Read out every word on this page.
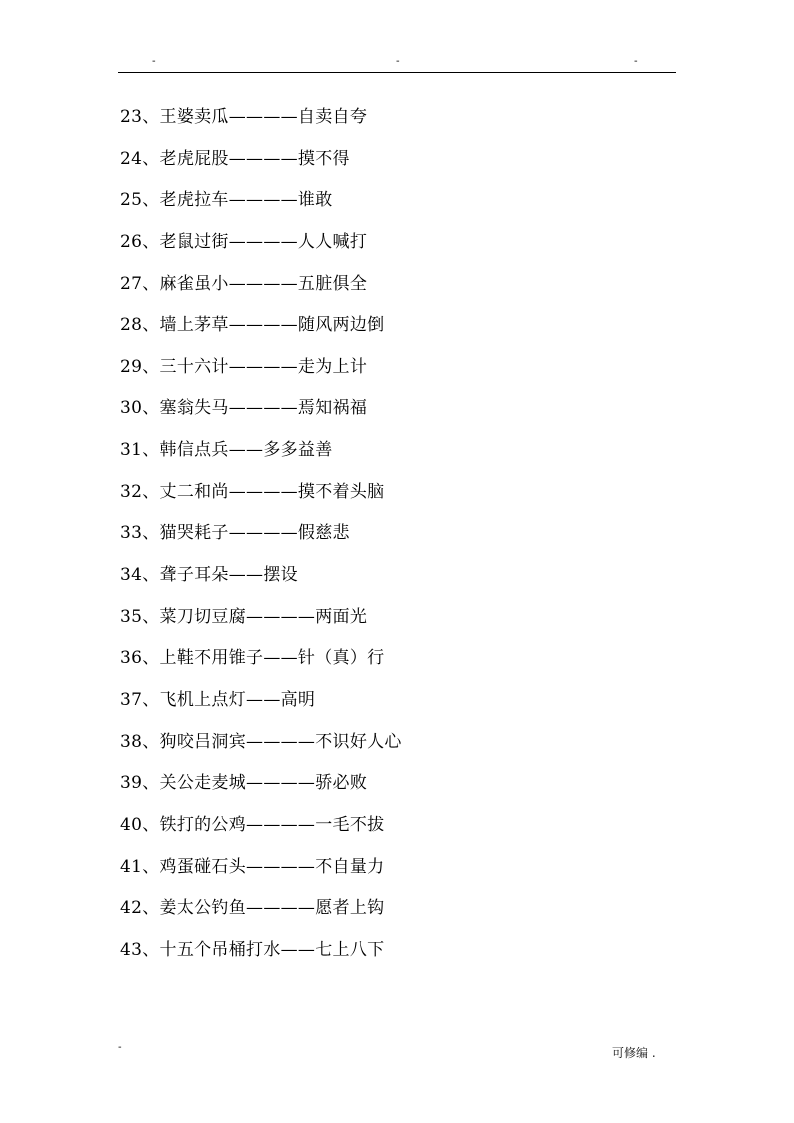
-	-	-
23、王婆卖瓜————自卖自夸
24、老虎屁股————摸不得
25、老虎拉车————谁敢
26、老鼠过街————人人喊打
27、麻雀虽小————五脏俱全
28、墙上茅草————随风两边倒
29、三十六计————走为上计
30、塞翁失马————焉知祸福
31、韩信点兵——多多益善
32、丈二和尚————摸不着头脑
33、猫哭耗子————假慈悲
34、聋子耳朵——摆设
35、菜刀切豆腐————两面光
36、上鞋不用锥子——针（真）行
37、飞机上点灯——高明
38、狗咬吕洞宾————不识好人心
39、关公走麦城————骄必败
40、铁打的公鸡————一毛不拔
41、鸡蛋碰石头————不自量力
42、姜太公钓鱼————愿者上钩
43、十五个吊桶打水——七上八下
-	可修编 .
